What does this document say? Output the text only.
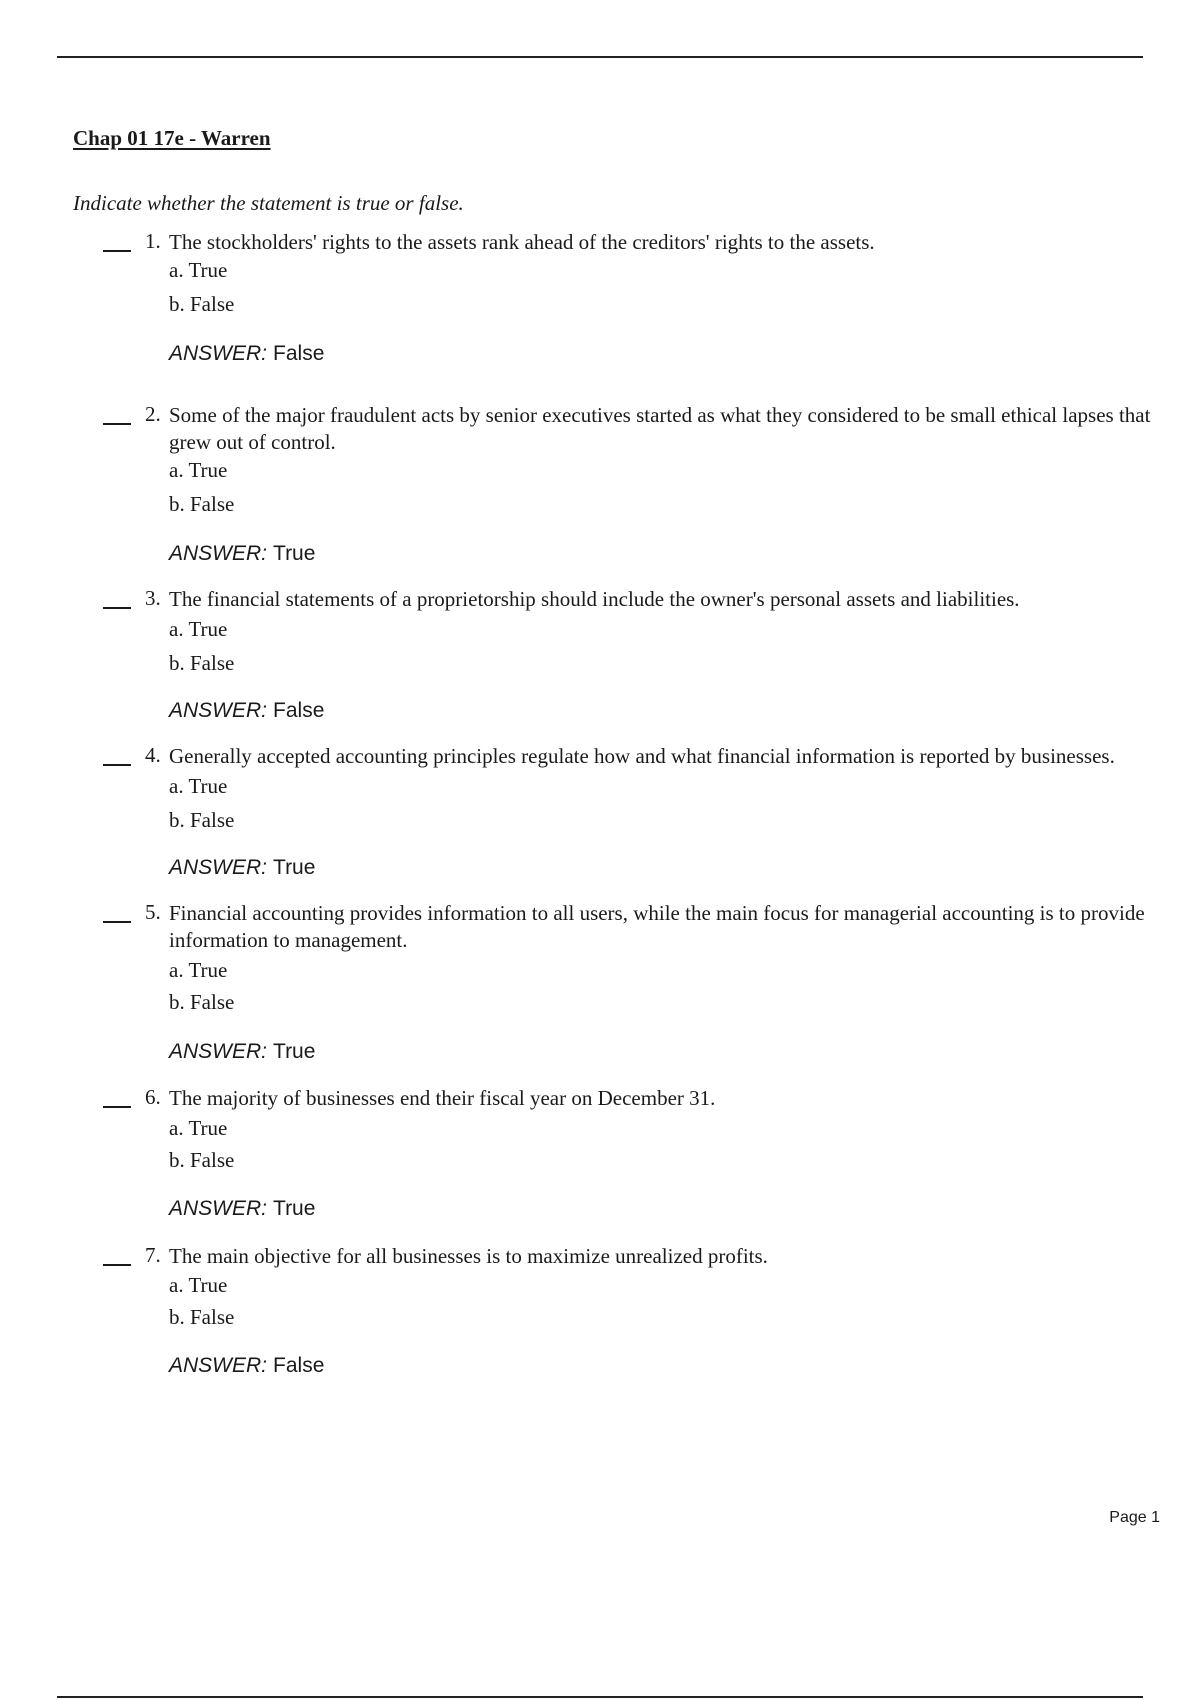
Chap 01 17e - Warren
Indicate whether the statement is true or false.
1. The stockholders' rights to the assets rank ahead of the creditors' rights to the assets.
a. True
b. False
ANSWER: False
2. Some of the major fraudulent acts by senior executives started as what they considered to be small ethical lapses that grew out of control.
a. True
b. False
ANSWER: True
3. The financial statements of a proprietorship should include the owner's personal assets and liabilities.
a. True
b. False
ANSWER: False
4. Generally accepted accounting principles regulate how and what financial information is reported by businesses.
a. True
b. False
ANSWER: True
5. Financial accounting provides information to all users, while the main focus for managerial accounting is to provide information to management.
a. True
b. False
ANSWER: True
6. The majority of businesses end their fiscal year on December 31.
a. True
b. False
ANSWER: True
7. The main objective for all businesses is to maximize unrealized profits.
a. True
b. False
ANSWER: False
Page 1
